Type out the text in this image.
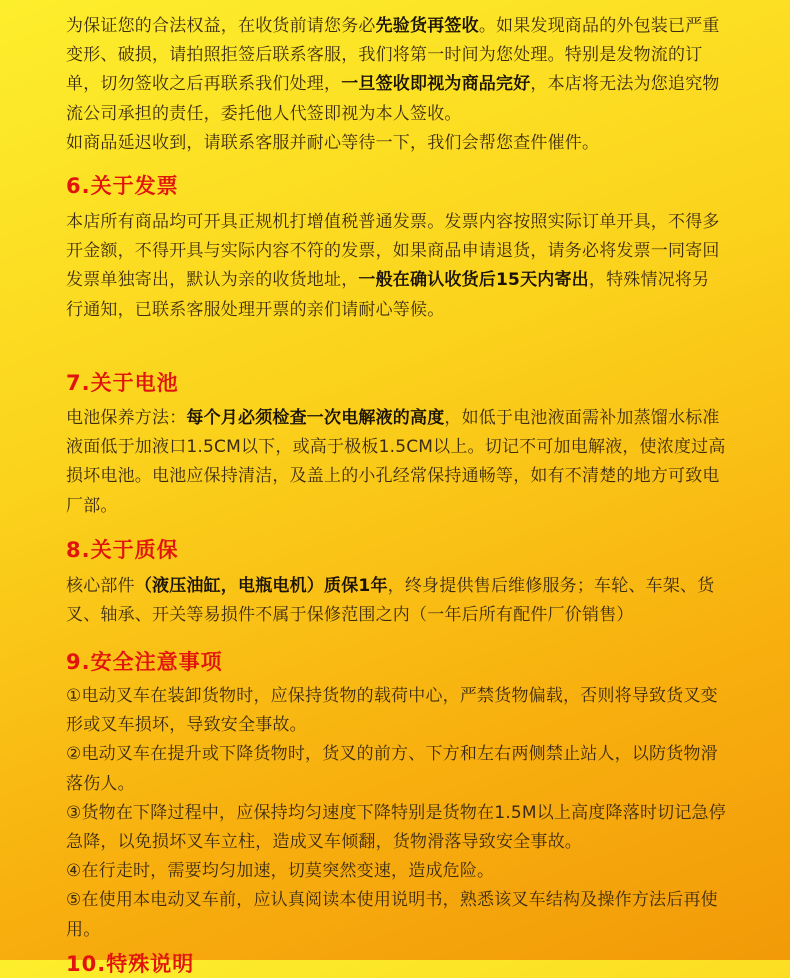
为保证您的合法权益，在收货前请您务必先验货再签收。如果发现商品的外包装已严重变形、破损，请拍照拒签后联系客服，我们将第一时间为您处理。特别是发物流的订单，切勿签收之后再联系我们处理，一旦签收即视为商品完好，本店将无法为您追究物流公司承担的责任，委托他人代签即视为本人签收。

如商品延迟收到，请联系客服并耐心等待一下，我们会帮您查件催件。

6.关于发票

本店所有商品均可开具正规机打增值税普通发票。发票内容按照实际订单开具，不得多开金额，不得开具与实际内容不符的发票，如果商品申请退货，请务必将发票一同寄回发票单独寄出，默认为亲的收货地址，一般在确认收货后15天内寄出，特殊情况将另行通知，已联系客服处理开票的亲们请耐心等候。

7.关于电池

电池保养方法：每个月必须检查一次电解液的高度，如低于电池液面需补加蒸馏水标准液面低于加液口1.5CM以下，或高于极板1.5CM以上。切记不可加电解液，使浓度过高损坏电池。电池应保持清洁，及盖上的小孔经常保持通畅等，如有不清楚的地方可致电厂部。

8.关于质保

核心部件（液压油缸，电瓶电机）质保1年，终身提供售后维修服务；车轮、车架、货叉、轴承、开关等易损件不属于保修范围之内（一年后所有配件厂价销售）

9.安全注意事项
①电动叉车在装卸货物时，应保持货物的载荷中心，严禁货物偏载，否则将导致货叉变形或叉车损坏，导致安全事故。
②电动叉车在提升或下降货物时，货叉的前方、下方和左右两侧禁止站人，以防货物滑落伤人。
③货物在下降过程中，应保持均匀速度下降特别是货物在1.5M以上高度降落时切记急停急降，以免损坏叉车立柱，造成叉车倾翻，货物滑落导致安全事故。
④在行走时，需要均匀加速，切莫突然变速，造成危险。
⑤在使用本电动叉车前，应认真阅读本使用说明书，熟悉该叉车结构及操作方法后再使用。
10.特殊说明
